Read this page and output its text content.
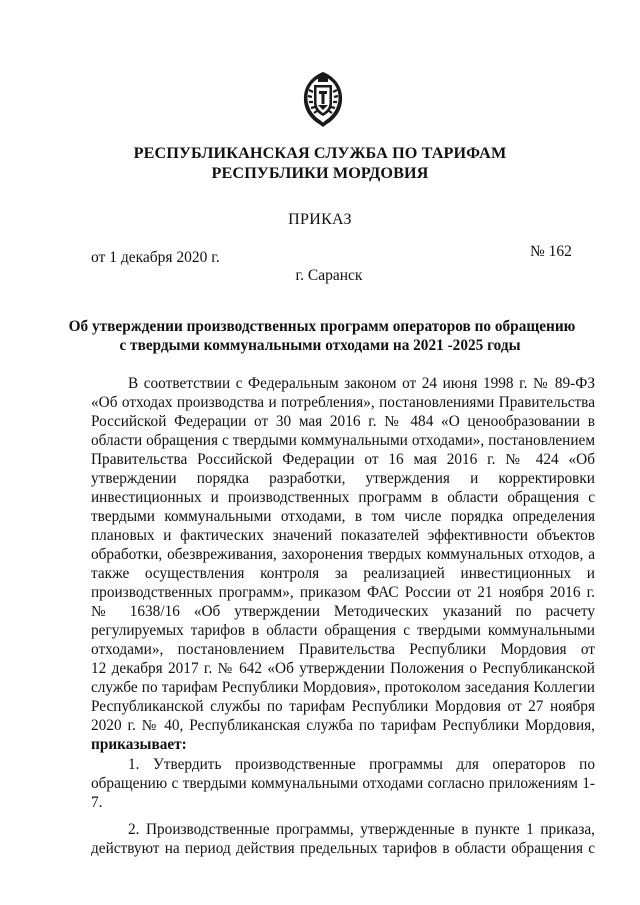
РЕСПУБЛИКАНСКАЯ СЛУЖБА ПО ТАРИФАМ
РЕСПУБЛИКИ МОРДОВИЯ
ПРИКАЗ
от 1 декабря 2020 г.	№ 162
г. Саранск
Об утверждении производственных программ операторов по обращению
с твердыми коммунальными отходами на 2021 -2025 годы
В соответствии с Федеральным законом от 24 июня 1998 г. № 89-ФЗ
«Об отходах производства и потребления», постановлениями Правительства
Российской Федерации от 30 мая 2016 г. № 484 «О ценообразовании в
области обращения с твердыми коммунальными отходами», постановлением
Правительства Российской Федерации от 16 мая 2016 г. № 424 «Об
утверждении порядка разработки, утверждения и корректировки
инвестиционных и производственных программ в области обращения с
твердыми коммунальными отходами, в том числе порядка определения
плановых и фактических значений показателей эффективности объектов
обработки, обезвреживания, захоронения твердых коммунальных отходов, а
также осуществления контроля за реализацией инвестиционных и
производственных программ», приказом ФАС России от 21 ноября 2016 г.
№ 1638/16 «Об утверждении Методических указаний по расчету
регулируемых тарифов в области обращения с твердыми коммунальными
отходами», постановлением Правительства Республики Мордовия от
12 декабря 2017 г. № 642 «Об утверждении Положения о Республиканской
службе по тарифам Республики Мордовия», протоколом заседания Коллегии
Республиканской службы по тарифам Республики Мордовия от 27 ноября
2020 г. № 40, Республиканская служба по тарифам Республики Мордовия,
приказывает:
1. Утвердить производственные программы для операторов по
обращению с твердыми коммунальными отходами согласно приложениям 1-
7.
2. Производственные программы, утвержденные в пункте 1 приказа,
действуют на период действия предельных тарифов в области обращения с
